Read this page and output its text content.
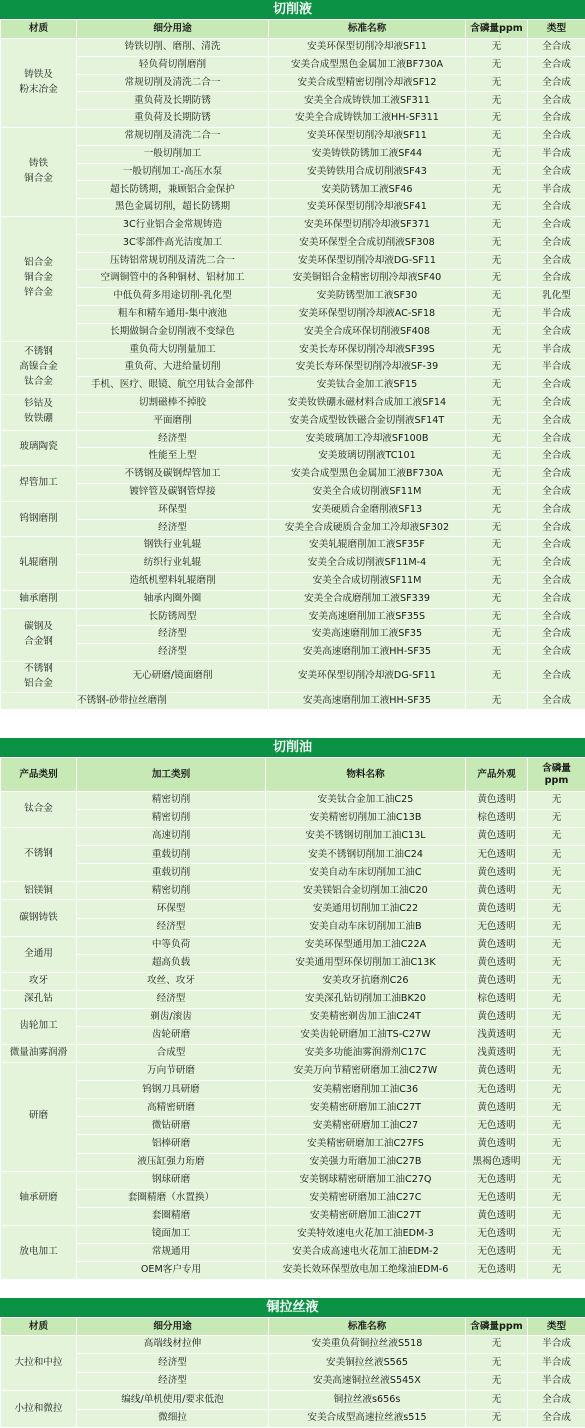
切削液
材质	细分用途	标准名称	含磷量ppm	类型
铸铁及
粉末冶金	铸铁切削、磨削、清洗	安美环保型切削冷却液SF11	无	全合成
	轻负荷切削磨削	安美合成型黑色金属加工液BF730A	无	全合成
	常规切削及清洗二合一	安美合成型精密切削冷却液SF12	无	全合成
	重负荷及长期防锈	安美全合成铸铁加工液SF311	无	全合成
	重负荷及长期防锈	安美全合成铸铁加工液HH-SF311	无	全合成
铸铁
铜合金	常规切削及清洗二合一	安美环保型切削冷却液SF11	无	全合成
	一般切削加工	安美铸铁防锈加工液SF44	无	半合成
	一般切削加工-高压水泵	安美铸铁用合成切削液SF43	无	全合成
	超长防锈期，兼顾铝合金保护	安美防锈加工液SF46	无	半合成
	黑色金属切削，超长防锈期	安美环保型切削冷却液SF41	无	全合成
铝合金
铜合金
锌合金	3C行业铝合金常规铸造	安美环保型切削冷却液SF371	无	全合成
	3C零部件高光洁度加工	安美环保型全合成切削液SF308	无	全合成
	压铸铝常规切削及清洗二合一	安美环保型切削冷却液DG-SF11	无	全合成
	空调铜管中的各种铜材、铝材加工	安美铜铝合金精密切削冷却液SF40	无	全合成
	中低负荷多用途切削-乳化型	安美防锈型加工液SF30	无	乳化型
	粗车和精车通用-集中液池	安美环保型切削冷却液AC-SF18	无	半合成
	长期做铜合金切削液不变绿色	安美全合成环保切削液SF408	无	全合成
不锈钢
高镍合金
钛合金	重负荷大切削量加工	安美长寿环保切削冷却液SF39S	无	半合成
	重负荷、大进给量切削	安美长寿环保型切削冷却液SF-39	无	半合成
	手机、医疗、眼镜、航空用钛合金部件	安美钛合金加工液SF15	无	全合成
钐钴及
钕铁硼	切割磁棒不掉胶	安美钕铁硼永磁材料合成加工液SF14	无	全合成
	平面磨削	安美合成型钕铁磁合金切削液SF14T	无	全合成
玻璃陶瓷	经济型	安美玻璃加工冷却液SF100B	无	全合成
	性能至上型	安美玻璃切削液TC101	无	全合成
焊管加工	不锈钢及碳钢焊管加工	安美合成型黑色金属加工液BF730A	无	全合成
	镀锌管及碳钢管焊接	安美全合成切削液SF11M	无	全合成
钨钢磨削	环保型	安美硬质合金磨削液SF13	无	全合成
	经济型	安美全合成硬质合金加工冷却液SF302	无	全合成
轧辊磨削	钢铁行业轧辊	安美轧辊磨削加工液SF35F	无	全合成
	纺织行业轧辊	安美全合成切削液SF11M-4	无	全合成
	造纸机塑料轧辊磨削	安美全合成切削液SF11M	无	全合成
轴承磨削	轴承内圈外圈	安美全合成磨削加工液SF339	无	全合成
碳钢及
合金钢	长防锈周型	安美高速磨削加工液SF35S	无	全合成
	经济型	安美高速磨削加工液SF35	无	全合成
	经济型	安美高速磨削加工液HH-SF35	无	全合成
不锈钢
铝合金	无心研磨/镜面磨削	安美环保型切削冷却液DG-SF11	无	全合成
	不锈钢-砂带拉丝磨削	安美高速磨削加工液HH-SF35	无	全合成
切削油
产品类别	加工类别	物料名称	产品外观	含磷量
ppm
钛合金	精密切削	安美钛合金加工油C25	黄色透明	无
	精密切削	安美精密切削加工油C13B	棕色透明	无
不锈钢	高速切削	安美不锈钢切削加工油C13L	黄色透明	无
	重载切削	安美不锈钢切削加工油C24	无色透明	无
	重载切削	安美自动车床切削加工油C	黄色透明	无
铝镁铜	精密切削	安美镁铝合金切削加工油C20	黄色透明	无
碳钢铸铁	环保型	安美通用切削加工油C22	黄色透明	无
	经济型	安美自动车床切削加工油B	无色透明	无
全通用	中等负荷	安美环保型通用加工油C22A	黄色透明	无
	超高负载	安美通用型环保切削加工油C13K	黄色透明	无
攻牙	攻丝、攻牙	安美攻牙抗磨剂C26	黄色透明	无
深孔钻	经济型	安美深孔钻切削加工油BK20	棕色透明	无
齿轮加工	剃齿/滚齿	安美精密剃齿加工油C24T	黄色透明	无
	齿轮研磨	安美齿轮研磨加工油TS-C27W	浅黄透明	无
微量油雾润滑	合成型	安美多功能油雾润滑剂C17C	浅黄透明	无
研磨	万向节研磨	安美万向节精密研磨加工油C27W	黄色透明	无
	钨钢刀具研磨	安美精密磨削加工油C36	无色透明	无
	高精密研磨	安美精密研磨加工油C27T	黄色透明	无
	微钻研磨	安美精密研磨加工油C27	无色透明	无
	铝棒研磨	安美精密研磨加工油C27FS	黄色透明	无
	液压缸强力珩磨	安美强力珩磨加工油C27B	黑褐色透明	无
轴承研磨	钢球研磨	安美钢球精密研磨加工油C27Q	无色透明	无
	套圈精磨（水置换）	安美精密研磨加工油C27C	无色透明	无
	套圈精磨	安美精密研磨加工油C27T	黄色透明	无
放电加工	镜面加工	安美特效速电火花加工油EDM-3	无色透明	无
	常规通用	安美合成高速电火花加工油EDM-2	无色透明	无
	OEM客户专用	安美长效环保型放电加工绝缘油EDM-6	无色透明	无
铜拉丝液
材质	细分用途	标准名称	含磷量ppm	类型
大拉和中拉	高端线材拉伸	安美重负荷铜拉丝液S518	无	半合成
	经济型	安美铜拉丝液S565	无	半合成
	经济型	安美高速铜拉丝液S545X	无	半合成
小拉和微拉	编线/单机使用/要求低泡	铜拉丝液s656s	无	全合成
	微细拉	安美合成型高速拉丝液s515	无	全合成
